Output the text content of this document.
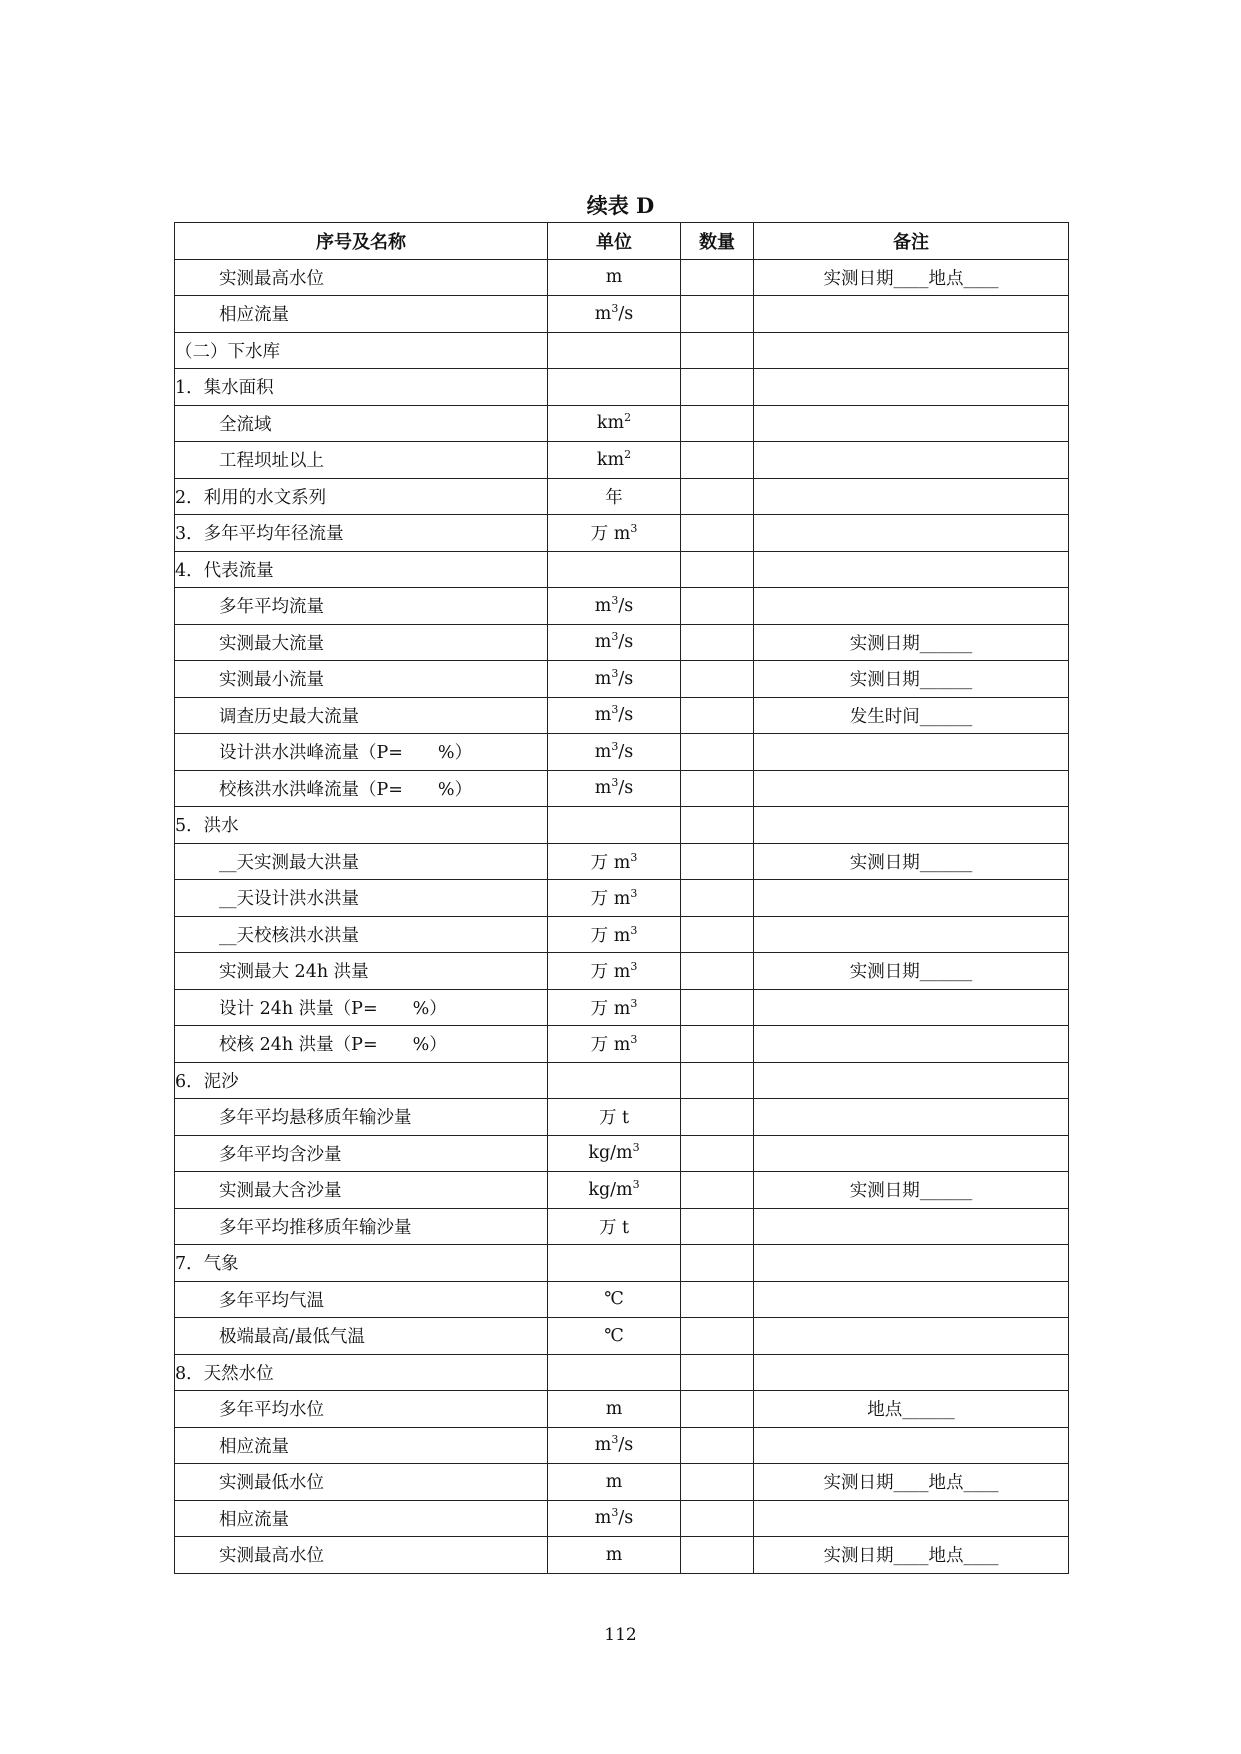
续表 D
序号及名称	单位	数量	备注
实测最高水位	m		实测日期____地点____
相应流量	$m^3/s$		
（二）下水库			
1．集水面积			
全流域	$km^2$		
工程坝址以上	$km^2$		
2．利用的水文系列	年		
3．多年平均年径流量	万 $m^3$		
4．代表流量			
多年平均流量	$m^3/s$		
实测最大流量	$m^3/s$		实测日期______
实测最小流量	$m^3/s$		实测日期______
调查历史最大流量	$m^3/s$		发生时间______
设计洪水洪峰流量（P=　　%）	$m^3/s$		
校核洪水洪峰流量（P=　　%）	$m^3/s$		
5．洪水			
__天实测最大洪量	万 $m^3$		实测日期______
__天设计洪水洪量	万 $m^3$		
__天校核洪水洪量	万 $m^3$		
实测最大 24h 洪量	万 $m^3$		实测日期______
设计 24h 洪量（P=　　%）	万 $m^3$		
校核 24h 洪量（P=　　%）	万 $m^3$		
6．泥沙			
多年平均悬移质年输沙量	万 t		
多年平均含沙量	$kg/m^3$		
实测最大含沙量	$kg/m^3$		实测日期______
多年平均推移质年输沙量	万 t		
7．气象			
多年平均气温	℃		
极端最高/最低气温	℃		
8．天然水位			
多年平均水位	m		地点______
相应流量	$m^3/s$		
实测最低水位	m		实测日期____地点____
相应流量	$m^3/s$		
实测最高水位	m		实测日期____地点____
112
